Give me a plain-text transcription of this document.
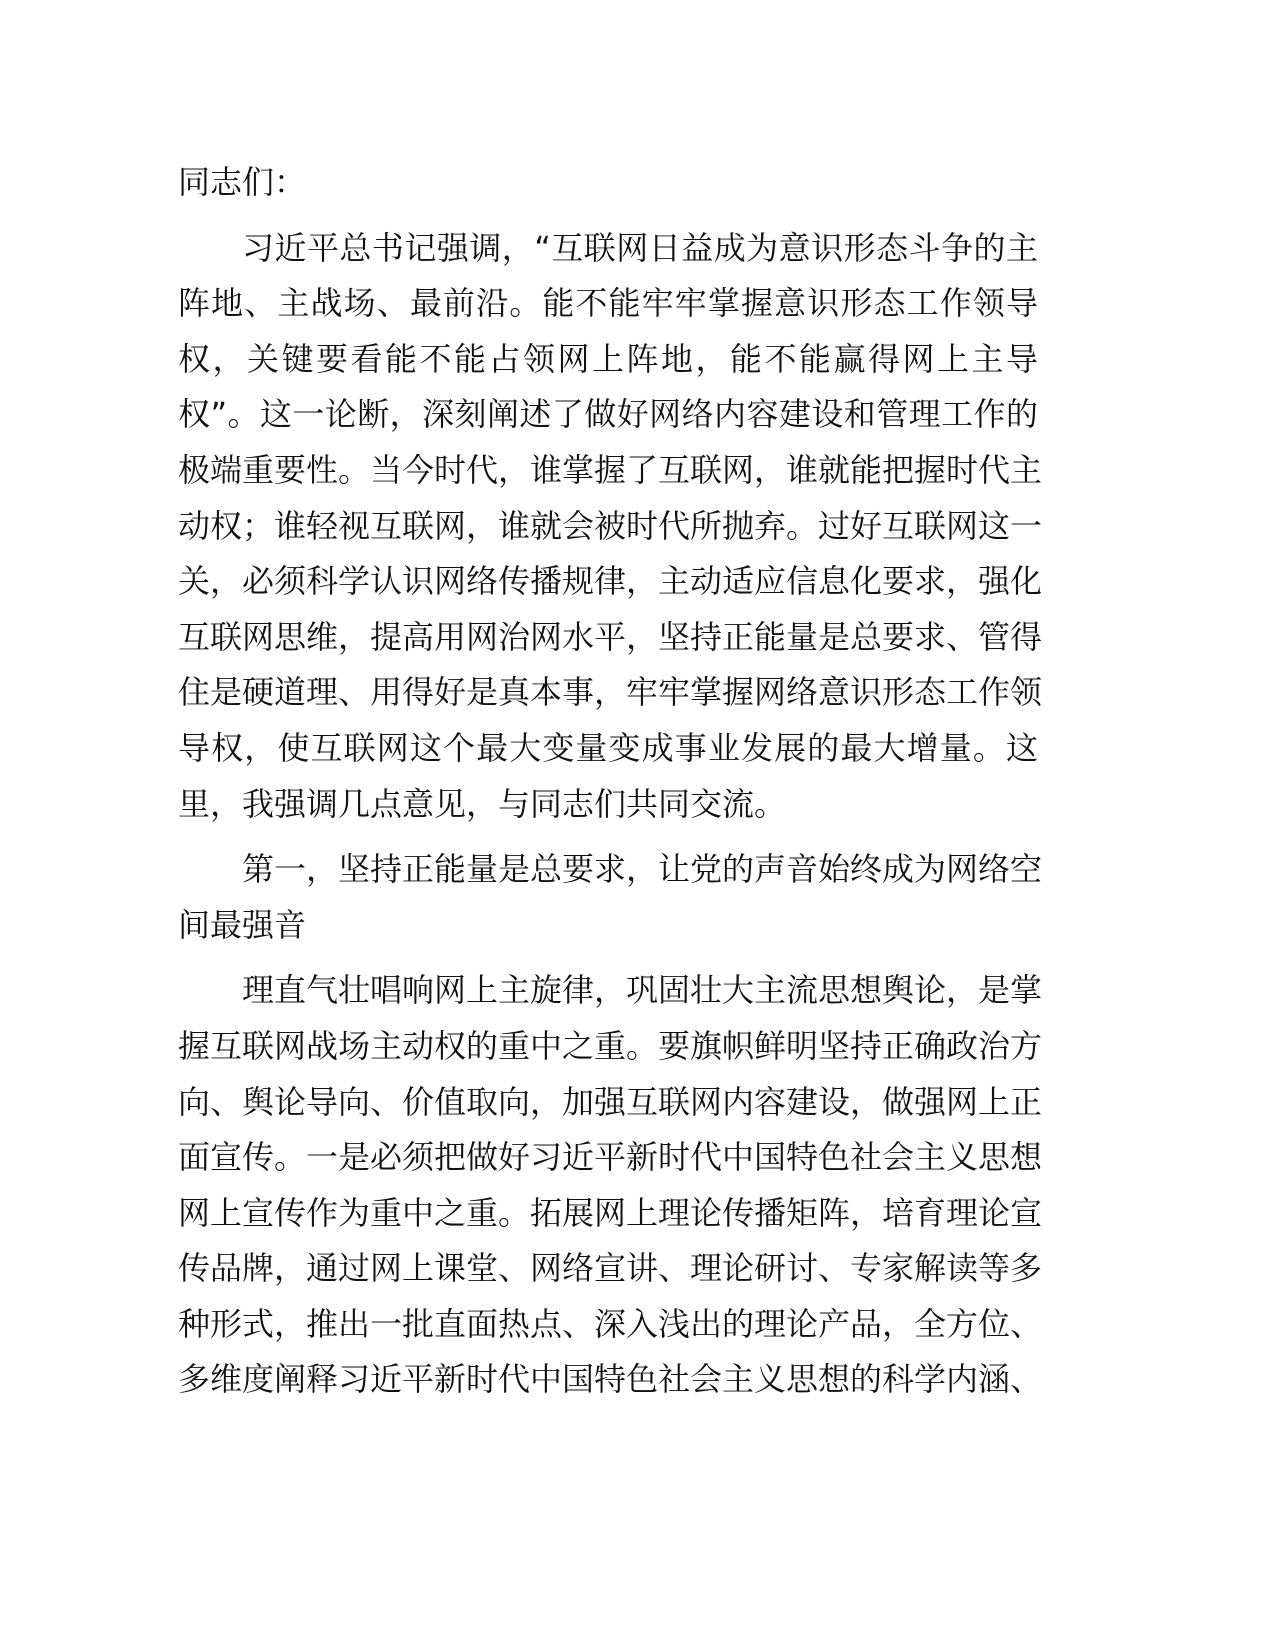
同志们：
习近平总书记强调，“互联网日益成为意识形态斗争的主
阵地、主战场、最前沿。能不能牢牢掌握意识形态工作领导
权，关键要看能不能占领网上阵地，能不能赢得网上主导
权”。这一论断，深刻阐述了做好网络内容建设和管理工作的
极端重要性。当今时代，谁掌握了互联网，谁就能把握时代主
动权；谁轻视互联网，谁就会被时代所抛弃。过好互联网这一
关，必须科学认识网络传播规律，主动适应信息化要求，强化
互联网思维，提高用网治网水平，坚持正能量是总要求、管得
住是硬道理、用得好是真本事，牢牢掌握网络意识形态工作领
导权，使互联网这个最大变量变成事业发展的最大增量。这
里，我强调几点意见，与同志们共同交流。
第一，坚持正能量是总要求，让党的声音始终成为网络空
间最强音
理直气壮唱响网上主旋律，巩固壮大主流思想舆论，是掌
握互联网战场主动权的重中之重。要旗帜鲜明坚持正确政治方
向、舆论导向、价值取向，加强互联网内容建设，做强网上正
面宣传。一是必须把做好习近平新时代中国特色社会主义思想
网上宣传作为重中之重。拓展网上理论传播矩阵，培育理论宣
传品牌，通过网上课堂、网络宣讲、理论研讨、专家解读等多
种形式，推出一批直面热点、深入浅出的理论产品，全方位、
多维度阐释习近平新时代中国特色社会主义思想的科学内涵、
